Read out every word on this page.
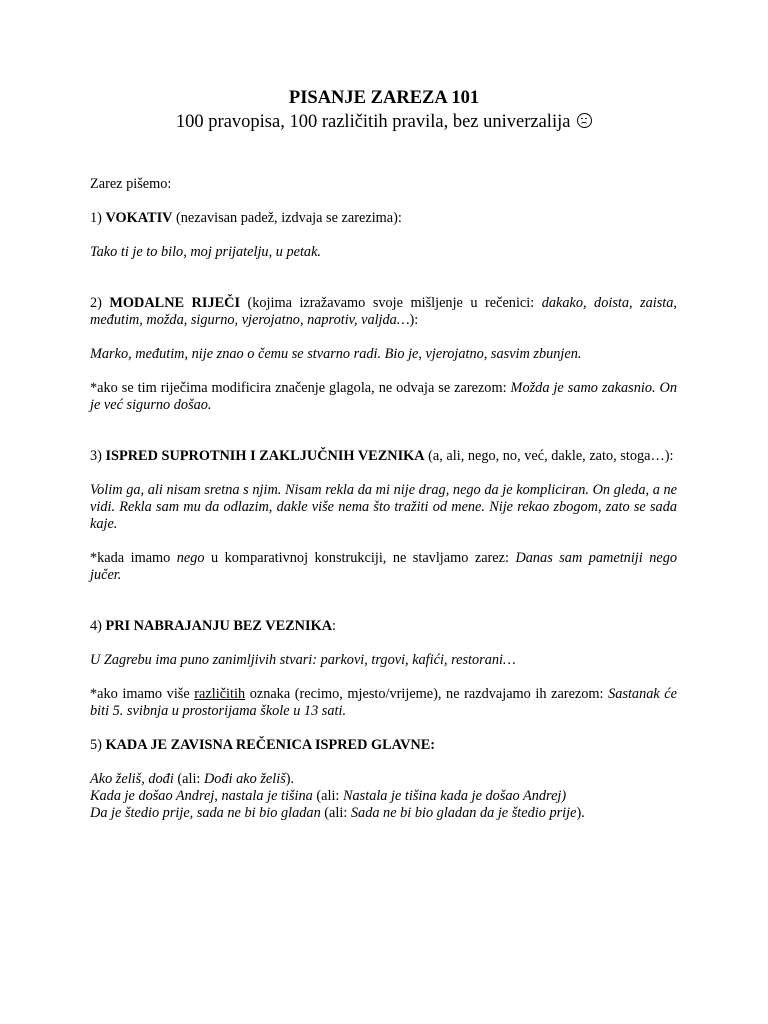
PISANJE ZAREZA 101
100 pravopisa, 100 različitih pravila, bez univerzalija

Zarez pišemo:

1) VOKATIV (nezavisan padež, izdvaja se zarezima):

Tako ti je to bilo, moj prijatelju, u petak.

2) MODALNE RIJEČI (kojima izražavamo svoje mišljenje u rečenici: dakako, doista, zaista, međutim, možda, sigurno, vjerojatno, naprotiv, valjda…):

Marko, međutim, nije znao o čemu se stvarno radi. Bio je, vjerojatno, sasvim zbunjen.

*ako se tim riječima modificira značenje glagola, ne odvaja se zarezom: Možda je samo zakasnio. On je već sigurno došao.

3) ISPRED SUPROTNIH I ZAKLJUČNIH VEZNIKA (a, ali, nego, no, već, dakle, zato, stoga…):

Volim ga, ali nisam sretna s njim. Nisam rekla da mi nije drag, nego da je kompliciran. On gleda, a ne vidi. Rekla sam mu da odlazim, dakle više nema što tražiti od mene. Nije rekao zbogom, zato se sada kaje.

*kada imamo nego u komparativnoj konstrukciji, ne stavljamo zarez: Danas sam pametniji nego jučer.

4) PRI NABRAJANJU BEZ VEZNIKA:

U Zagrebu ima puno zanimljivih stvari: parkovi, trgovi, kafići, restorani…

*ako imamo više različitih oznaka (recimo, mjesto/vrijeme), ne razdvajamo ih zarezom: Sastanak će biti 5. svibnja u prostorijama škole u 13 sati.

5) KADA JE ZAVISNA REČENICA ISPRED GLAVNE:

Ako želiš, dođi (ali: Dođi ako želiš).

Kada je došao Andrej, nastala je tišina (ali: Nastala je tišina kada je došao Andrej)

Da je štedio prije, sada ne bi bio gladan (ali: Sada ne bi bio gladan da je štedio prije).
